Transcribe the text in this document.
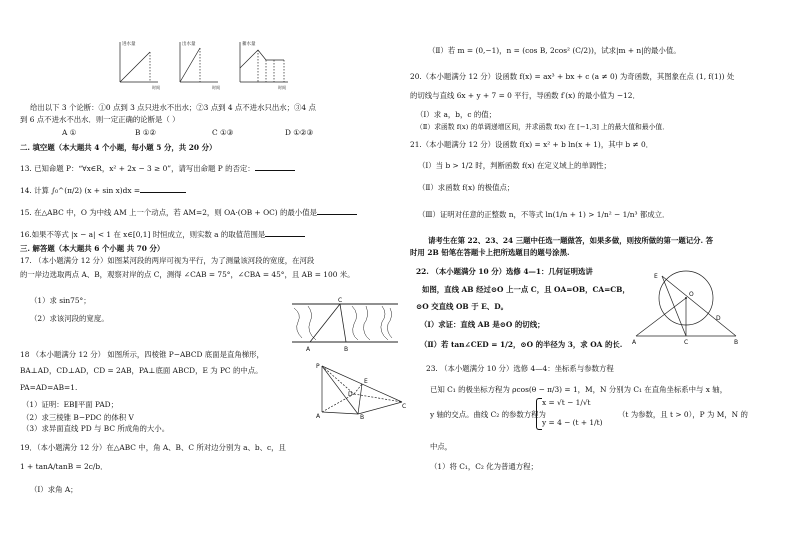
进水量
时间
出水量
时间
蓄水量
时间
给出以下 3 个论断：①0 点到 3 点只进水不出水；②3 点到 4 点不进水只出水；③4 点
到 6 点不进水不出水．则一定正确的论断是（ ）
A ①	B ①②	C ①③	D ①②③
二. 填空题（本大题共 4 个小题，每小题 5 分，共 20 分）
13. 已知命题 P：“∀x∈R，x² + 2x − 3 ≥ 0”，请写出命题 P 的否定：
14. 计算 ∫₀^(π/2) (x + sin x)dx =
15. 在△ABC 中，O 为中线 AM 上一个动点，若 AM=2，则 OA·(OB + OC) 的最小值是
16.如果不等式 |x − a| < 1 在 x∈[0,1] 时恒成立，则实数 a 的取值范围是
三. 解答题（本大题共 6 个小题 共 70 分）
17. （本小题满分 12 分）如图某河段的两岸可视为平行，为了测量该河段的宽度，在河段
的一岸边选取两点 A、B，观察对岸的点 C，测得 ∠CAB = 75°，∠CBA = 45°，且 AB = 100 米。
（1）求 sin75°；
（2）求该河段的宽度。
C
A	B
18 （本小题满分 12 分） 如图所示，四棱锥 P−ABCD 底面是直角梯形，
BA⊥AD，CD⊥AD，CD = 2AB，PA⊥底面 ABCD，E 为 PC 的中点。
PA=AD=AB=1.
（1）证明：EB∥平面 PAD；
（2）求三棱锥 B−PDC 的体积 V
（3）求异面直线 PD 与 BC 所成角的大小。
P
E
D
C
A	B
19．（本小题满分 12 分）在△ABC 中，角 A、B、C 所对边分别为 a、b、c，且
1 + tanA/tanB = 2c/b．
（Ⅰ）求角 A；
（Ⅱ）若 m = (0,−1)，n = (cos B, 2cos² (C/2))，试求|m + n|的最小值。
20.（本小题满分 12 分）设函数 f(x) = ax³ + bx + c (a ≠ 0) 为奇函数，其图象在点 (1, f(1)) 处
的切线与直线 6x + y + 7 = 0 平行，导函数 f′(x) 的最小值为 −12．
（Ⅰ）求 a，b，c 的值；
（Ⅱ）求函数 f(x) 的单调递增区间，并求函数 f(x) 在 [−1,3] 上的最大值和最小值．
21.（本小题满分 12 分）设函数 f(x) = x² + b ln(x + 1)，其中 b ≠ 0．
（Ⅰ）当 b > 1/2 时，判断函数 f(x) 在定义域上的单调性；
（Ⅱ）求函数 f(x) 的极值点；
（Ⅲ）证明对任意的正整数 n，不等式 ln(1/n + 1) > 1/n² − 1/n³ 都成立．
请考生在第 22、23、24 三题中任选一题做答，如果多做，则按所做的第一题记分. 答
时用 2B 铅笔在答题卡上把所选题目的题号涂黑.
22. （本小题满分 10 分）选修 4—1：几何证明选讲
如图，直线 AB 经过⊙O 上一点 C，且 OA=OB，CA=CB，
⊙O 交直线 OB 于 E、D。
（Ⅰ）求证：直线 AB 是⊙O 的切线；
（Ⅱ）若 tan∠CED = 1/2，⊙O 的半径为 3，求 OA 的长.
E
O
D
A	C	B
23. （本小题满分 10 分）选修 4—4：坐标系与参数方程
已知 C₁ 的极坐标方程为 ρcos(θ − π/3) = 1，M，N 分别为 C₁ 在直角坐标系中与 x 轴，
y 轴的交点。曲线 C₂ 的参数方程为
x = √t − 1/√t
y = 4 − (t + 1/t)
（t 为参数，且 t > 0），P 为 M，N 的
中点，
（1）将 C₁，C₂ 化为普通方程；
